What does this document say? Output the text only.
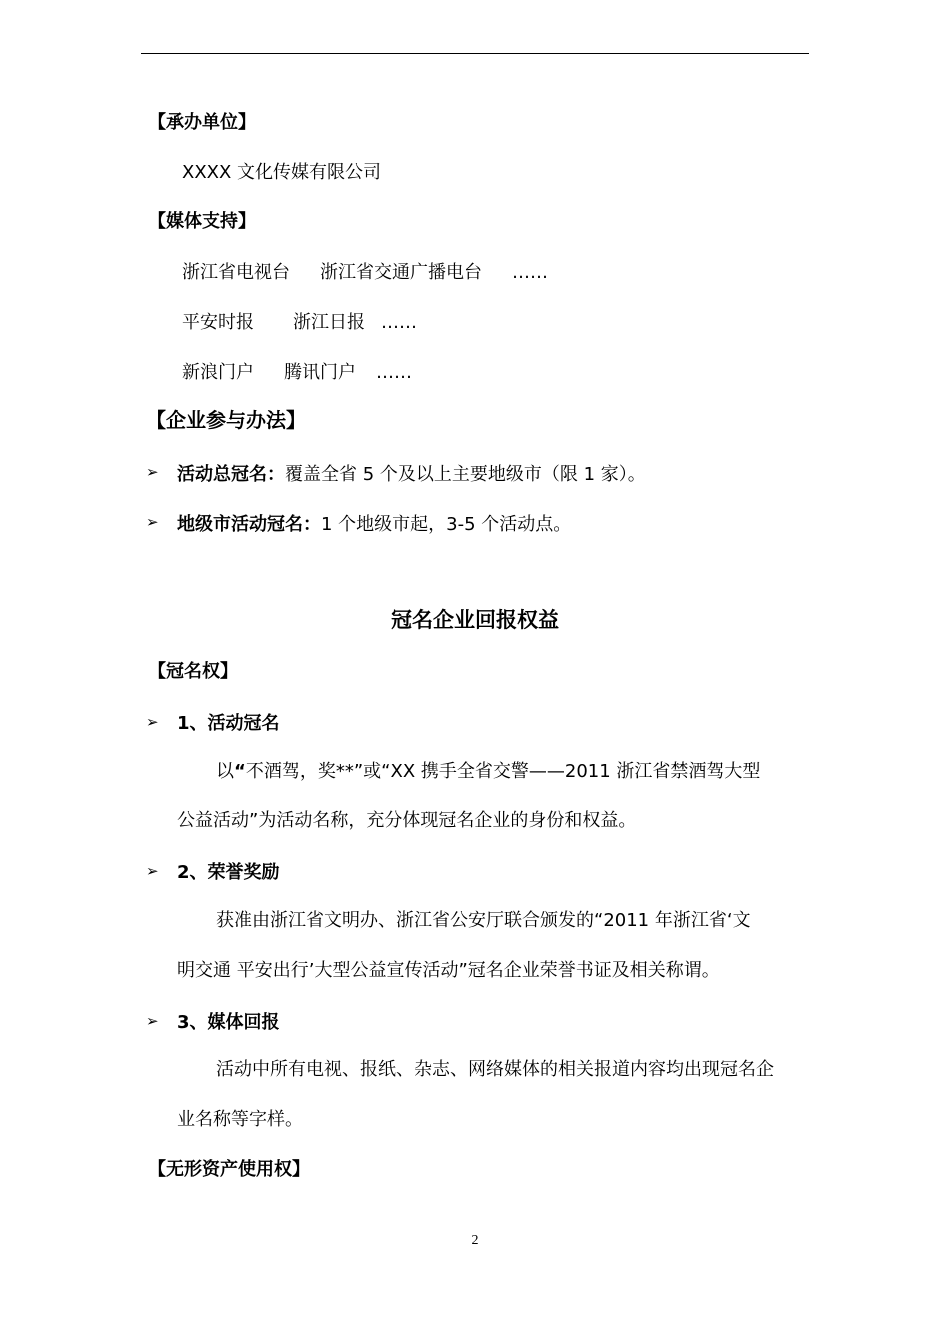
【承办单位】
XXXX 文化传媒有限公司
【媒体支持】
浙江省电视台 浙江省交通广播电台 ……
平安时报 浙江日报 ……
新浪门户 腾讯门户 ……
【企业参与办法】
➢ 活动总冠名：覆盖全省 5 个及以上主要地级市（限 1 家）。
➢ 地级市活动冠名：1 个地级市起，3-5 个活动点。
冠名企业回报权益
【冠名权】
➢ 1、活动冠名
以“不酒驾，奖**”或“XX 携手全省交警——2011 浙江省禁酒驾大型
公益活动”为活动名称，充分体现冠名企业的身份和权益。
➢ 2、荣誉奖励
获准由浙江省文明办、浙江省公安厅联合颁发的“2011 年浙江省‘文
明交通 平安出行’大型公益宣传活动”冠名企业荣誉书证及相关称谓。
➢ 3、媒体回报
活动中所有电视、报纸、杂志、网络媒体的相关报道内容均出现冠名企
业名称等字样。
【无形资产使用权】
2
